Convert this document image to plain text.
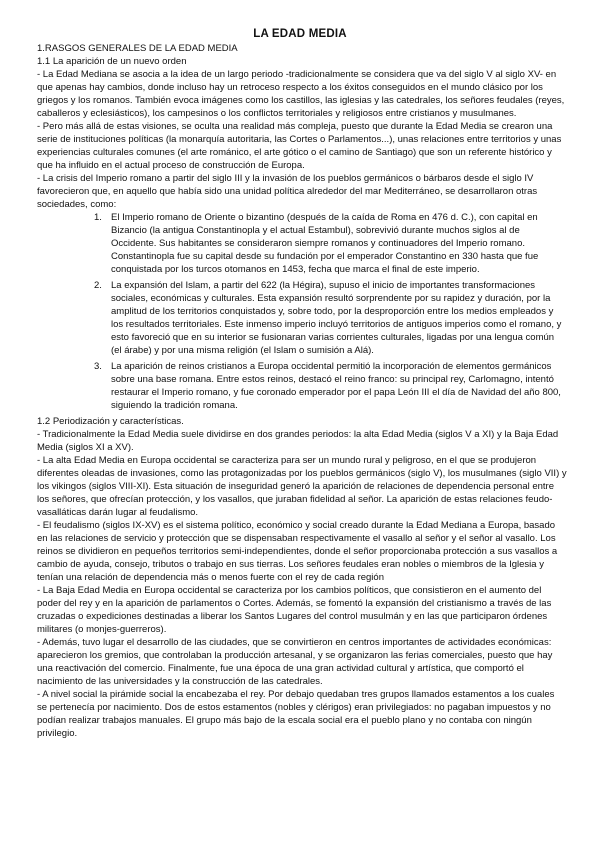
LA EDAD MEDIA
1.RASGOS GENERALES DE LA EDAD MEDIA
1.1 La aparición de un nuevo orden
- La Edad Mediana se asocia a la idea de un largo periodo -tradicionalmente se considera que va del siglo V al siglo XV- en que apenas hay cambios, donde incluso hay un retroceso respecto a los éxitos conseguidos en el mundo clásico por los griegos y los romanos. También evoca imágenes como los castillos, las iglesias y las catedrales, los señores feudales (reyes, caballeros y eclesiásticos), los campesinos o los conflictos territoriales y religiosos entre cristianos y musulmanes.
- Pero más allá de estas visiones, se oculta una realidad más compleja, puesto que durante la Edad Media se crearon una serie de instituciones políticas (la monarquía autoritaria, las Cortes o Parlamentos...), unas relaciones entre territorios y unas experiencias culturales comunes (el arte románico, el arte gótico o el camino de Santiago) que son un referente histórico y que ha influido en el actual proceso de construcción de Europa.
- La crisis del Imperio romano a partir del siglo III y la invasión de los pueblos germánicos o bárbaros desde el siglo IV favorecieron que, en aquello que había sido una unidad política alrededor del mar Mediterráneo, se desarrollaron otras sociedades, como:
1. El Imperio romano de Oriente o bizantino (después de la caída de Roma en 476 d. C.), con capital en Bizancio (la antigua Constantinopla y el actual Estambul), sobrevivió durante muchos siglos al de Occidente. Sus habitantes se consideraron siempre romanos y continuadores del Imperio romano. Constantinopla fue su capital desde su fundación por el emperador Constantino en 330 hasta que fue conquistada por los turcos otomanos en 1453, fecha que marca el final de este imperio.
2. La expansión del Islam, a partir del 622 (la Hégira), supuso el inicio de importantes transformaciones sociales, económicas y culturales. Esta expansión resultó sorprendente por su rapidez y duración, por la amplitud de los territorios conquistados y, sobre todo, por la desproporción entre los medios empleados y los resultados territoriales. Este inmenso imperio incluyó territorios de antiguos imperios como el romano, y esto favoreció que en su interior se fusionaran varias corrientes culturales, ligadas por una lengua común (el árabe) y por una misma religión (el Islam o sumisión a Alá).
3. La aparición de reinos cristianos a Europa occidental permitió la incorporación de elementos germánicos sobre una base romana. Entre estos reinos, destacó el reino franco: su principal rey, Carlomagno, intentó restaurar el Imperio romano, y fue coronado emperador por el papa León III el día de Navidad del año 800, siguiendo la tradición romana.
1.2 Periodización y características.
- Tradicionalmente la Edad Media suele dividirse en dos grandes periodos: la alta Edad Media (siglos V a XI) y la Baja Edad Media (siglos XI a XV).
- La alta Edad Media en Europa occidental se caracteriza para ser un mundo rural y peligroso, en el que se produjeron diferentes oleadas de invasiones, como las protagonizadas por los pueblos germánicos (siglo V), los musulmanes (siglo VII) y los vikingos (siglos VIII-XI). Esta situación de inseguridad generó la aparición de relaciones de dependencia personal entre los señores, que ofrecían protección, y los vasallos, que juraban fidelidad al señor. La aparición de estas relaciones feudo-vasalláticas darán lugar al feudalismo.
- El feudalismo (siglos IX-XV) es el sistema político, económico y social creado durante la Edad Mediana a Europa, basado en las relaciones de servicio y protección que se dispensaban respectivamente el vasallo al señor y el señor al vasallo. Los reinos se dividieron en pequeños territorios semi-independientes, donde el señor proporcionaba protección a sus vasallos a cambio de ayuda, consejo, tributos o trabajo en sus tierras. Los señores feudales eran nobles o miembros de la Iglesia y tenían una relación de dependencia más o menos fuerte con el rey de cada región
- La Baja Edad Media en Europa occidental se caracteriza por los cambios políticos, que consistieron en el aumento del poder del rey y en la aparición de parlamentos o Cortes. Además, se fomentó la expansión del cristianismo a través de las cruzadas o expediciones destinadas a liberar los Santos Lugares del control musulmán y en las que participaron órdenes militares (o monjes-guerreros).
- Además, tuvo lugar el desarrollo de las ciudades, que se convirtieron en centros importantes de actividades económicas: aparecieron los gremios, que controlaban la producción artesanal, y se organizaron las ferias comerciales, puesto que hay una reactivación del comercio. Finalmente, fue una época de una gran actividad cultural y artística, que comportó el nacimiento de las universidades y la construcción de las catedrales.
- A nivel social la pirámide social la encabezaba el rey. Por debajo quedaban tres grupos llamados estamentos a los cuales se pertenecía por nacimiento. Dos de estos estamentos (nobles y clérigos) eran privilegiados: no pagaban impuestos y no podían realizar trabajos manuales. El grupo más bajo de la escala social era el pueblo plano y no contaba con ningún privilegio.
